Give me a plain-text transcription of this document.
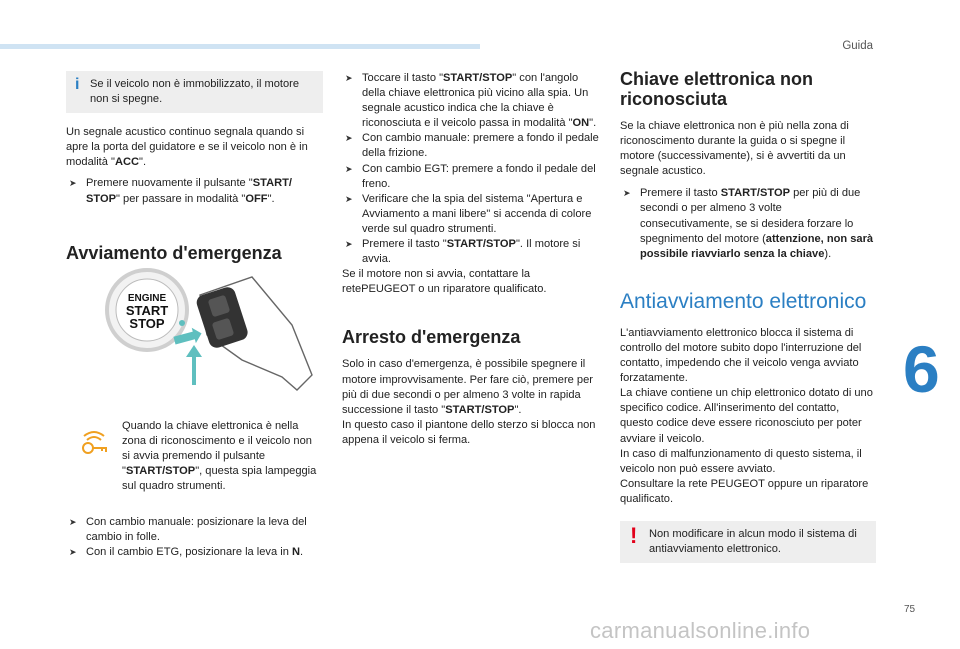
Guida
6
75
carmanualsonline.info
i Se il veicolo non è immobilizzato, il motore non si spegne.

Un segnale acustico continuo segnala quando si apre la porta del guidatore e se il veicolo non è in modalità "ACC".

➤ Premere nuovamente il pulsante "START/
STOP" per passare in modalità "OFF".

Avviamento d'emergenza
ENGINE
START
STOP

Quando la chiave elettronica è nella zona di riconoscimento e il veicolo non si avvia premendo il pulsante "START/STOP", questa spia lampeggia sul quadro strumenti.

➤ Con cambio manuale: posizionare la leva del cambio in folle.

➤ Con il cambio ETG, posizionare la leva in N.

➤ Toccare il tasto "START/STOP" con l'angolo della chiave elettronica più vicino alla spia. Un segnale acustico indica che la chiave è riconosciuta e il veicolo passa in modalità "ON".

➤ Con cambio manuale: premere a fondo il pedale della frizione.

➤ Con cambio EGT: premere a fondo il pedale del freno.

➤ Verificare che la spia del sistema "Apertura e Avviamento a mani libere" si accenda di colore verde sul quadro strumenti.

➤ Premere il tasto "START/STOP". Il motore si avvia.

Se il motore non si avvia, contattare la retePEUGEOT o un riparatore qualificato.

Arresto d'emergenza

Solo in caso d'emergenza, è possibile spegnere il motore improvvisamente. Per fare ciò, premere per più di due secondi o per almeno 3 volte in rapida successione il tasto "START/STOP".
In questo caso il piantone dello sterzo si blocca non appena il veicolo si ferma.

Chiave elettronica non riconosciuta

Se la chiave elettronica non è più nella zona di riconoscimento durante la guida o si spegne il motore (successivamente), si è avvertiti da un segnale acustico.

➤ Premere il tasto START/STOP per più di due secondi o per almeno 3 volte consecutivamente, se si desidera forzare lo spegnimento del motore (attenzione, non sarà possibile riavviarlo senza la chiave).

Antiavviamento elettronico

L'antiavviamento elettronico blocca il sistema di controllo del motore subito dopo l'interruzione del contatto, impedendo che il veicolo venga avviato forzatamente.
La chiave contiene un chip elettronico dotato di uno specifico codice. All'inserimento del contatto, questo codice deve essere riconosciuto per poter avviare il veicolo.
In caso di malfunzionamento di questo sistema, il veicolo non può essere avviato.
Consultare la rete PEUGEOT oppure un riparatore qualificato.

! Non modificare in alcun modo il sistema di antiavviamento elettronico.
